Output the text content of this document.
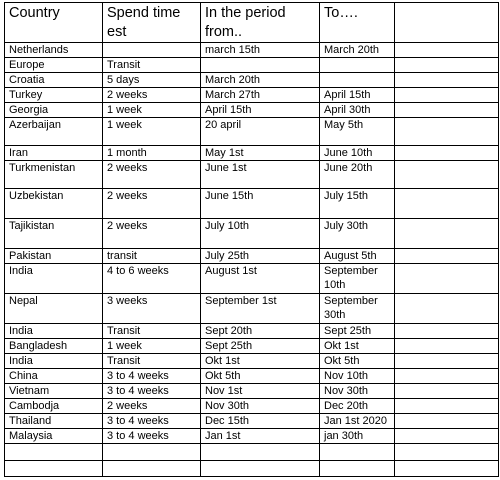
Country	Spend time est	In the period from..	To….	
Netherlands		march 15th	March 20th	
Europe	Transit			
Croatia	5 days	March 20th		
Turkey	2 weeks	March 27th	April 15th	
Georgia	1 week	April 15th	April 30th	
Azerbaijan	1 week	20 april	May 5th	
Iran	1 month	May 1st	June 10th	
Turkmenistan	2 weeks	June 1st	June 20th	
Uzbekistan	2 weeks	June 15th	July 15th	
Tajikistan	2 weeks	July 10th	July 30th	
Pakistan	transit	July 25th	August 5th	
India	4 to 6 weeks	August 1st	September 10th	
Nepal	3 weeks	September 1st	September 30th	
India	Transit	Sept 20th	Sept 25th	
Bangladesh	1 week	Sept 25th	Okt 1st	
India	Transit	Okt 1st	Okt 5th	
China	3 to 4 weeks	Okt 5th	Nov 10th	
Vietnam	3 to 4 weeks	Nov 1st	Nov 30th	
Cambodja	2 weeks	Nov 30th	Dec 20th	
Thailand	3 to 4 weeks	Dec 15th	Jan 1st 2020	
Malaysia	3 to 4 weeks	Jan 1st	jan 30th	
